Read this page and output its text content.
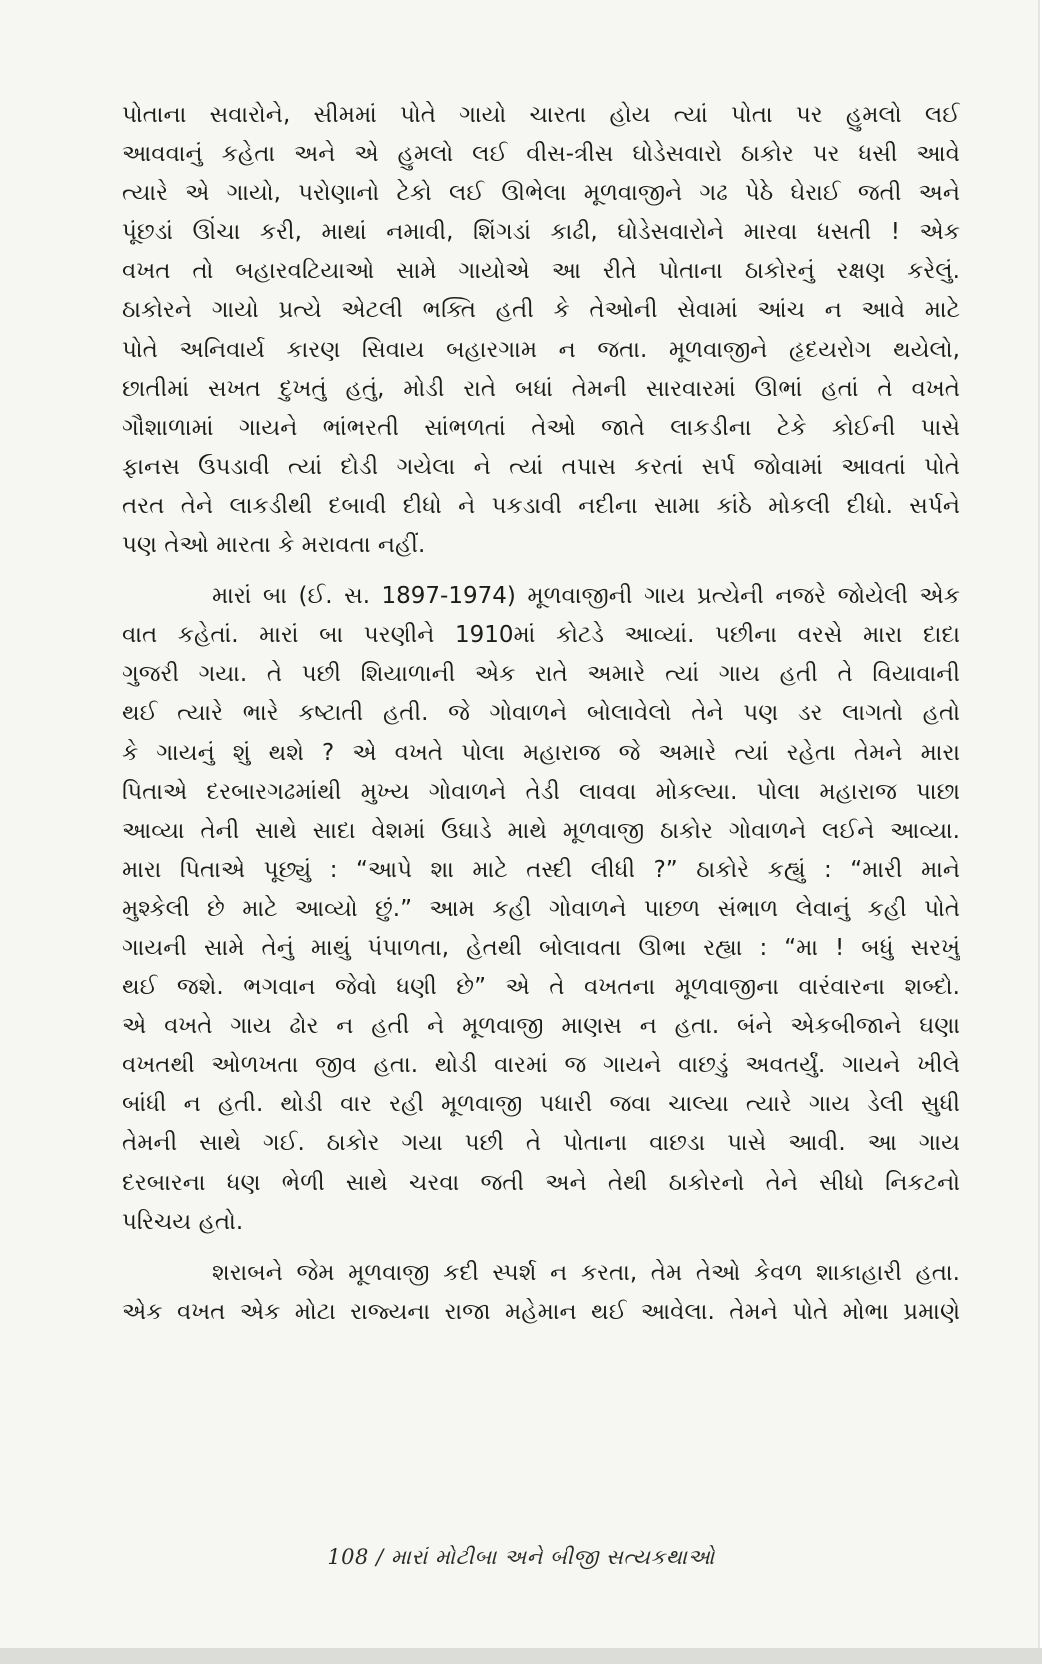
પોતાના સવારોને, સીમમાં પોતે ગાયો ચારતા હોય ત્યાં પોતા પર હુમલો લઈ
આવવાનું કહેતા અને એ હુમલો લઈ વીસ-ત્રીસ ઘોડેસવારો ઠાકોર પર ધસી આવે
ત્યારે એ ગાયો, પરોણાનો ટેકો લઈ ઊભેલા મૂળવાજીને ગઢ પેઠે ઘેરાઈ જતી અને
પૂંછડાં ઊંચા કરી, માથાં નમાવી, શિંગડાં કાઢી, ઘોડેસવારોને મારવા ધસતી ! એક
વખત તો બહારવટિયાઓ સામે ગાયોએ આ રીતે પોતાના ઠાકોરનું રક્ષણ કરેલું.
ઠાકોરને ગાયો પ્રત્યે એટલી ભક્તિ હતી કે તેઓની સેવામાં આંચ ન આવે માટે
પોતે અનિવાર્ય કારણ સિવાય બહારગામ ન જતા. મૂળવાજીને હૃદયરોગ થયેલો,
છાતીમાં સખત દુખતું હતું, મોડી રાતે બધાં તેમની સારવારમાં ઊભાં હતાં તે વખતે
ગૌશાળામાં ગાયને ભાંભરતી સાંભળતાં તેઓ જાતે લાકડીના ટેકે કોઈની પાસે
ફાનસ ઉપડાવી ત્યાં દોડી ગયેલા ને ત્યાં તપાસ કરતાં સર્પ જોવામાં આવતાં પોતે
તરત તેને લાકડીથી દબાવી દીધો ને પકડાવી નદીના સામા કાંઠે મોકલી દીધો. સર્પને
પણ તેઓ મારતા કે મરાવતા નહીં.
મારાં બા (ઈ. સ. 1897-1974) મૂળવાજીની ગાય પ્રત્યેની નજરે જોયેલી એક
વાત કહેતાં. મારાં બા પરણીને 1910માં કોટડે આવ્યાં. પછીના વરસે મારા દાદા
ગુજરી ગયા. તે પછી શિયાળાની એક રાતે અમારે ત્યાં ગાય હતી તે વિયાવાની
થઈ ત્યારે ભારે કષ્ટાતી હતી. જે ગોવાળને બોલાવેલો તેને પણ ડર લાગતો હતો
કે ગાયનું શું થશે ? એ વખતે પોલા મહારાજ જે અમારે ત્યાં રહેતા તેમને મારા
પિતાએ દરબારગઢમાંથી મુખ્ય ગોવાળને તેડી લાવવા મોકલ્યા. પોલા મહારાજ પાછા
આવ્યા તેની સાથે સાદા વેશમાં ઉઘાડે માથે મૂળવાજી ઠાકોર ગોવાળને લઈને આવ્યા.
મારા પિતાએ પૂછ્યું : “આપે શા માટે તસ્દી લીધી ?” ઠાકોરે કહ્યું : “મારી માને
મુશ્કેલી છે માટે આવ્યો છું.” આમ કહી ગોવાળને પાછળ સંભાળ લેવાનું કહી પોતે
ગાયની સામે તેનું માથું પંપાળતા, હેતથી બોલાવતા ઊભા રહ્યા : “મા ! બધું સરખું
થઈ જશે. ભગવાન જેવો ધણી છે” એ તે વખતના મૂળવાજીના વારંવારના શબ્દો.
એ વખતે ગાય ઢોર ન હતી ને મૂળવાજી માણસ ન હતા. બંને એકબીજાને ઘણા
વખતથી ઓળખતા જીવ હતા. થોડી વારમાં જ ગાયને વાછડું અવતર્યું. ગાયને ખીલે
બાંધી ન હતી. થોડી વાર રહી મૂળવાજી પધારી જવા ચાલ્યા ત્યારે ગાય ડેલી સુધી
તેમની સાથે ગઈ. ઠાકોર ગયા પછી તે પોતાના વાછડા પાસે આવી. આ ગાય
દરબારના ધણ ભેળી સાથે ચરવા જતી અને તેથી ઠાકોરનો તેને સીધો નિકટનો
પરિચય હતો.
શરાબને જેમ મૂળવાજી કદી સ્પર્શ ન કરતા, તેમ તેઓ કેવળ શાકાહારી હતા.
એક વખત એક મોટા રાજ્યના રાજા મહેમાન થઈ આવેલા. તેમને પોતે મોભા પ્રમાણે
108 / મારાં મોટીબા અને બીજી સત્યકથાઓ
